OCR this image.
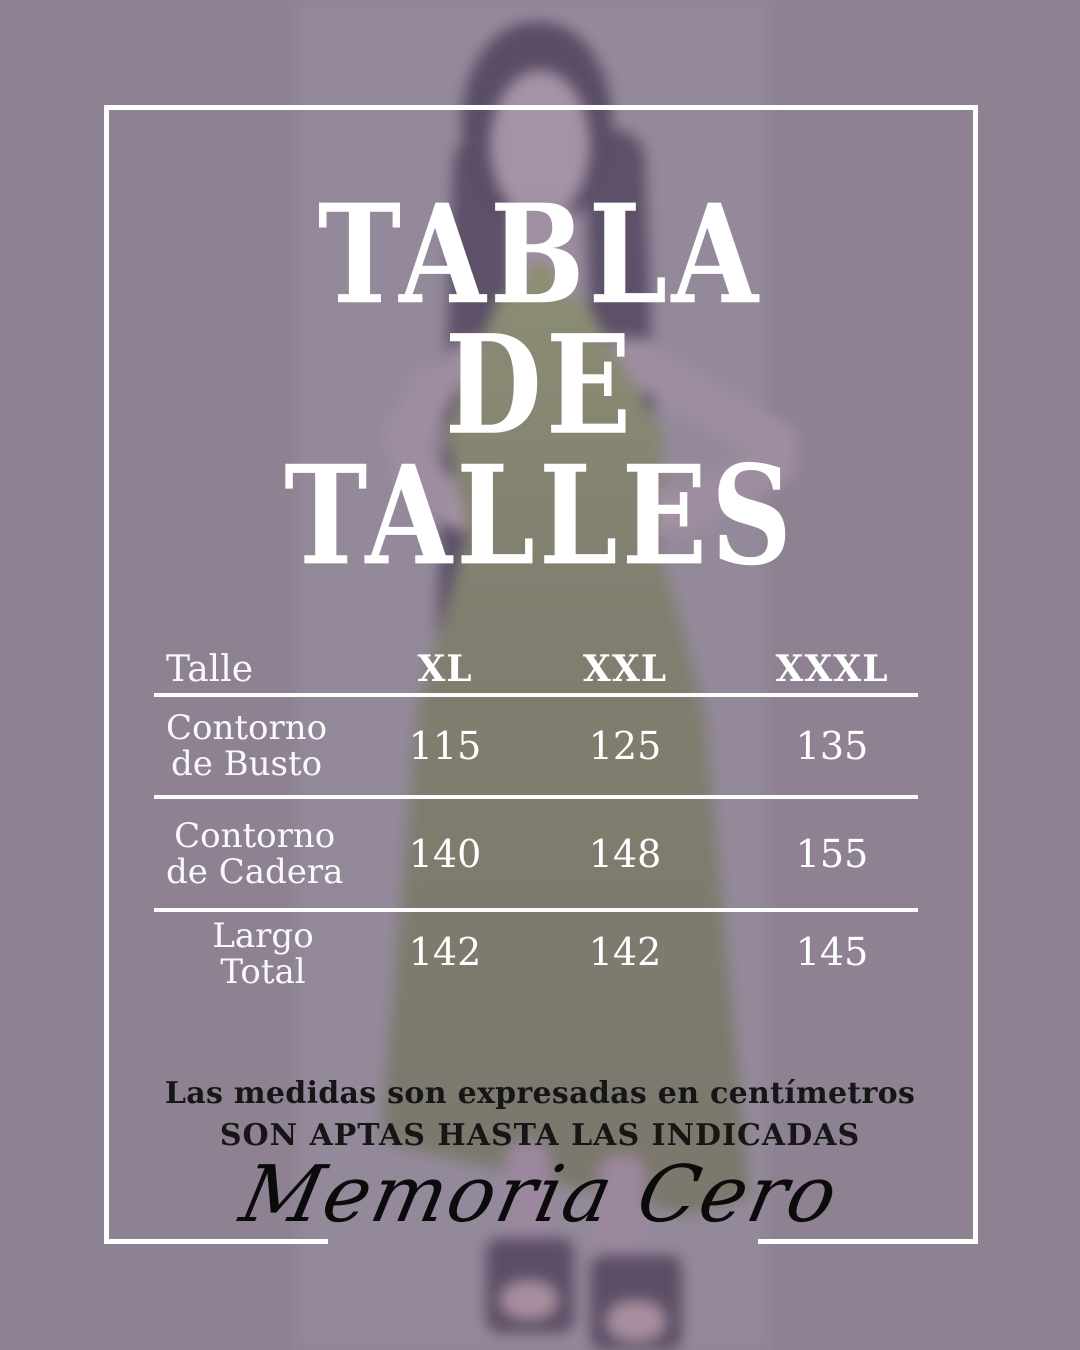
TABLA
DE
TALLES
Talle	XL	XXL	XXXL
Contorno
de Busto	115	125	135
Contorno
de Cadera	140	148	155
Largo Total	142	142	145
Las medidas son expresadas en centímetros
SON APTAS HASTA LAS INDICADAS
Memoria Cero
